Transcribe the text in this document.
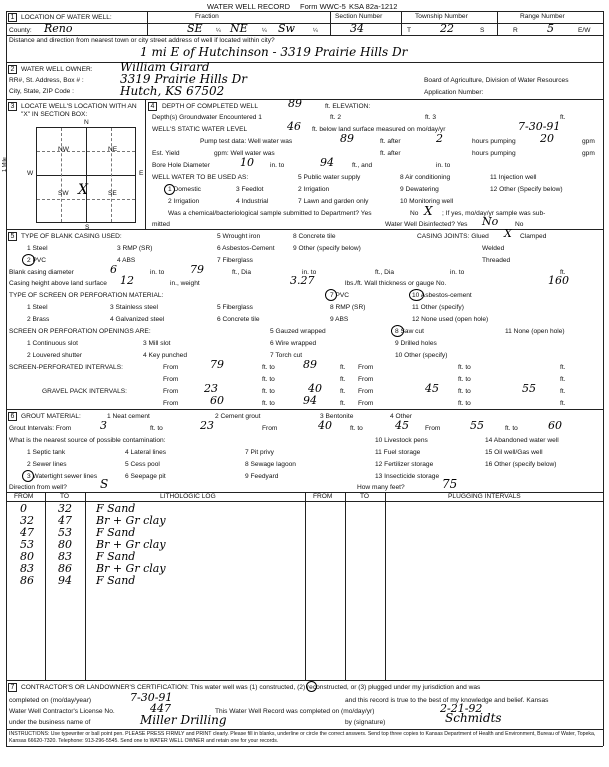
WATER WELL RECORD Form WWC-5 KSA 82a-1212
1 LOCATION OF WATER WELL:	Fraction	Section Number	Township Number	Range Number
County: Reno	SE ¼ NE	¼ Sw	¼	34	T	22	S	R	5	E/W
Distance and direction from nearest town or city street address of well if located within city?
1 mi E of Hutchinson - 3319 Prairie Hills Dr
2 WATER WELL OWNER: William Girard
RR#, St. Address, Box # :	3319 Prairie Hills Dr	Board of Agriculture, Division of Water Resources
City, State, ZIP Code :	Hutch, KS 67502	Application Number:
3 LOCATE WELL'S LOCATION WITH AN "X" IN SECTION BOX:
N
S
W	E
NW	NE
SW	SE
X
1 Mile
4	DEPTH OF COMPLETED WELL	89	ft. ELEVATION:
Depth(s) Groundwater Encountered 1	ft. 2	ft. 3	ft.
WELL'S STATIC WATER LEVEL	46 ft. below land surface measured on mo/day/yr	7-30-91
Pump test data: Well water was	89	ft. after	2	hours pumping 20	gpm
Est. Yield	gpm: Well water was	ft. after	hours pumping	gpm
Bore Hole Diameter	10 in. to	94	ft., and	in. to
WELL WATER TO BE USED AS:	5 Public water supply	8 Air conditioning	11 Injection well
1 Domestic	3 Feedlot	2 Irrigation	9 Dewatering	12 Other (Specify below)
2 Irrigation	4 Industrial	7 Lawn and garden only	10 Monitoring well
Was a chemical/bacteriological sample submitted to Department? Yes	No X ; If yes, mo/day/yr sample was sub-
mitted	Water Well Disinfected? Yes No	No
5 TYPE OF BLANK CASING USED:	5 Wrought iron	8 Concrete tile	CASING JOINTS: Glued X Clamped
1 Steel	3 RMP (SR)	6 Asbestos-Cement	9 Other (specify below)	Welded
2 PVC	4 ABS	7 Fiberglass	Threaded
Blank casing diameter	6	in. to 79	ft., Dia	in. to	ft., Dia	in. to	ft.
Casing height above land surface 12	in., weight	3.27	lbs./ft. Wall thickness or gauge No.	160
TYPE OF SCREEN OR PERFORATION MATERIAL:	7 PVC	10 Asbestos-cement
1 Steel	3 Stainless steel	5 Fiberglass	8 RMP (SR)	11 Other (specify)
2 Brass	4 Galvanized steel	6 Concrete tile	9 ABS	12 None used (open hole)
SCREEN OR PERFORATION OPENINGS ARE:	5 Gauzed wrapped	8 Saw cut	11 None (open hole)
1 Continuous slot	3 Mill slot	6 Wire wrapped	9 Drilled holes
2 Louvered shutter	4 Key punched	7 Torch cut	10 Other (specify)
SCREEN-PERFORATED INTERVALS:	From	79	ft. to	89	ft. From	ft. to	ft.
From	ft. to	ft. From	ft. to	ft.
GRAVEL PACK INTERVALS:	From 23	ft. to	40	ft. From	45	ft. to	55	ft.
From	60	ft. to	94	ft. From	ft. to	ft.
6 GROUT MATERIAL:	1 Neat cement	2 Cement grout	3 Bentonite	4 Other
Grout Intervals: From	3	ft. to	23	From	40	ft. to	45 From	55	ft. to	60
What is the nearest source of possible contamination:	14 Abandoned water well
10 Livestock pens
1 Septic tank	4 Lateral lines	7 Pit privy	11 Fuel storage	15 Oil well/Gas well
2 Sewer lines	5 Cess pool	8 Sewage lagoon	12 Fertilizer storage	16 Other (specify below)
3 Watertight sewer lines	6 Seepage pit	9 Feedyard	13 Insecticide storage
Direction from well?	S	How many feet?	75
FROM	TO	LITHOLOGIC LOG	FROM	TO	PLUGGING INTERVALS
0	32 F Sand
32 47 Br + Gr clay
47 53 F Sand
53 80 Br + Gr clay
80 83 F Sand
83 86 Br + Gr clay
86 94 F Sand
7 CONTRACTOR'S OR LANDOWNER'S CERTIFICATION: This water well was (1) constructed, (2) reconstructed, or (3) plugged under my jurisdiction and was
completed on (mo/day/year)	7-30-91	and this record is true to the best of my knowledge and belief. Kansas
Water Well Contractor's License No.	447	This Water Well Record was completed on (mo/day/yr)	2-21-92
under the business name of	Miller Drilling	by (signature)	Schmidts
INSTRUCTIONS: Use typewriter or ball point pen. PLEASE PRESS FIRMLY and PRINT clearly. Please fill in blanks, underline or circle the correct answers. Send top three copies to Kansas Department of Health and Environment, Bureau of Water, Topeka, Kansas 66620-7320. Telephone: 913-296-5545. Send one to WATER WELL OWNER and retain one for your records.
